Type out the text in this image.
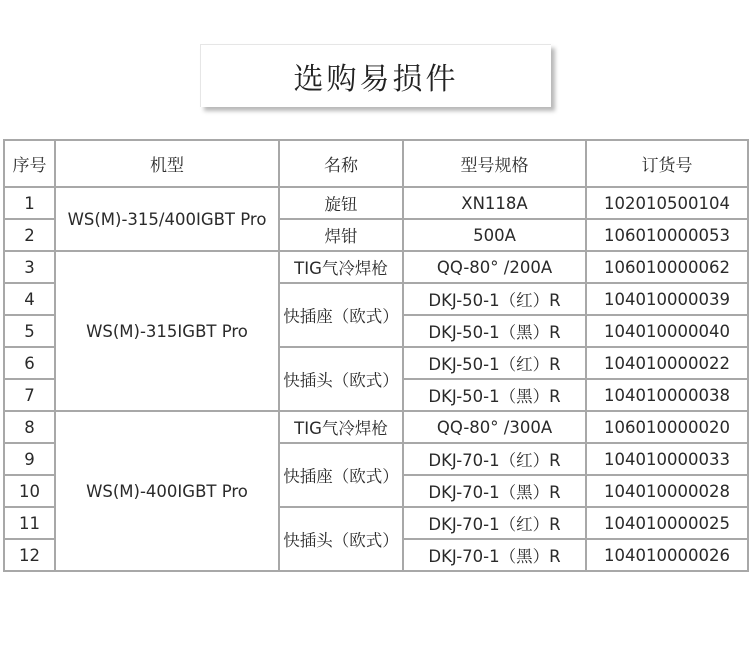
选购易损件
序号	机型	名称	型号规格	订货号
1	WS(M)-315/400IGBT Pro	旋钮	XN118A	102010500104
2		焊钳	500A	106010000053
3	WS(M)-315IGBT Pro	TIG气冷焊枪	QQ-80° /200A	106010000062
4		快插座（欧式）	DKJ-50-1（红）R	104010000039
5			DKJ-50-1（黑）R	104010000040
6		快插头（欧式）	DKJ-50-1（红）R	104010000022
7			DKJ-50-1（黑）R	104010000038
8	WS(M)-400IGBT Pro	TIG气冷焊枪	QQ-80° /300A	106010000020
9		快插座（欧式）	DKJ-70-1（红）R	104010000033
10			DKJ-70-1（黑）R	104010000028
11		快插头（欧式）	DKJ-70-1（红）R	104010000025
12			DKJ-70-1（黑）R	104010000026
